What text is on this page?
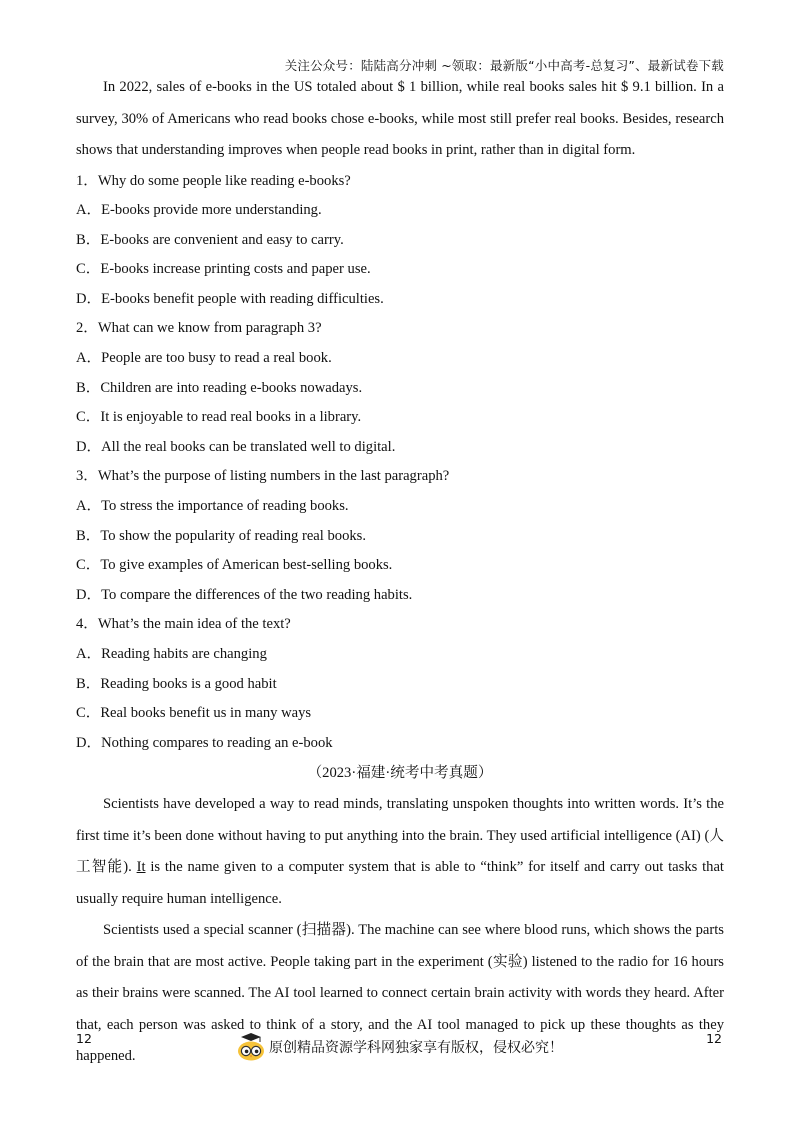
关注公众号：陆陆高分冲刺 ~领取：最新版“小中高考-总复习”、最新试卷下载

In 2022, sales of e-books in the US totaled about $ 1 billion, while real books sales hit $ 9.1 billion. In a survey, 30% of Americans who read books chose e-books, while most still prefer real books. Besides, research shows that understanding improves when people read books in print, rather than in digital form.

1．Why do some people like reading e-books?
A．E-books provide more understanding.
B．E-books are convenient and easy to carry.
C．E-books increase printing costs and paper use.
D．E-books benefit people with reading difficulties.
2．What can we know from paragraph 3?
A．People are too busy to read a real book.
B．Children are into reading e-books nowadays.
C．It is enjoyable to read real books in a library.
D．All the real books can be translated well to digital.
3．What’s the purpose of listing numbers in the last paragraph?
A．To stress the importance of reading books.
B．To show the popularity of reading real books.
C．To give examples of American best-selling books.
D．To compare the differences of the two reading habits.
4．What’s the main idea of the text?
A．Reading habits are changing
B．Reading books is a good habit
C．Real books benefit us in many ways
D．Nothing compares to reading an e-book
（2023·福建·统考中考真题）

Scientists have developed a way to read minds, translating unspoken thoughts into written words. It’s the first time it’s been done without having to put anything into the brain. They used artificial intelligence (AI) (人工智能). It is the name given to a computer system that is able to “think” for itself and carry out tasks that usually require human intelligence.

Scientists used a special scanner (扫描器). The machine can see where blood runs, which shows the parts of the brain that are most active. People taking part in the experiment (实验) listened to the radio for 16 hours as their brains were scanned. The AI tool learned to connect certain brain activity with words they heard. After that, each person was asked to think of a story, and the AI tool managed to pick up these thoughts as they happened.

12	12
原创精品资源学科网独家享有版权，侵权必究！
